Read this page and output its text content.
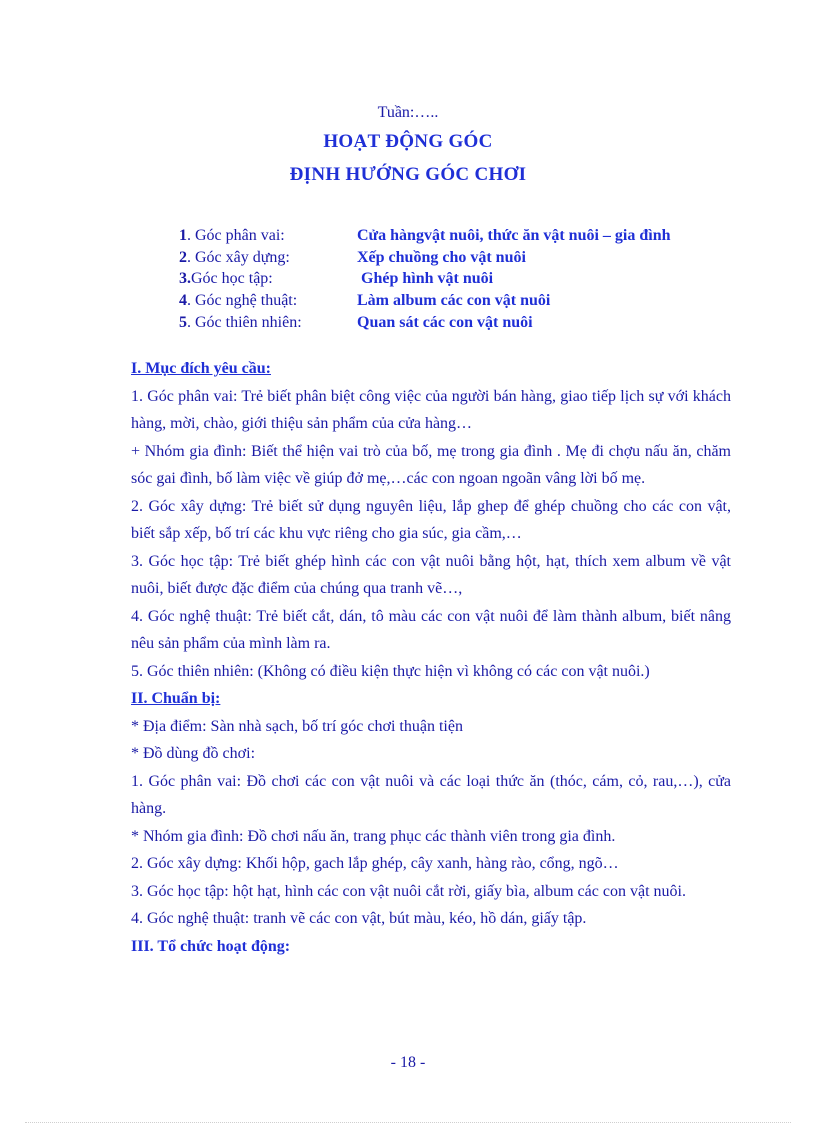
Tuần:…..
HOẠT ĐỘNG GÓC
ĐỊNH HƯỚNG GÓC CHƠI
1. Góc phân vai:	Cửa hàngvật nuôi, thức ăn vật nuôi – gia đình
2. Góc xây dựng:	Xếp chuồng cho vật nuôi
3.Góc học tập:	Ghép hình vật nuôi
4. Góc nghệ thuật:	Làm album các con vật nuôi
5. Góc thiên nhiên:	Quan sát các con vật nuôi

I. Mục đích yêu cầu:

1. Góc phân vai: Trẻ biết phân biệt công việc của người bán hàng, giao tiếp lịch sự với khách hàng, mời, chào, giới thiệu sản phẩm của cửa hàng…

+ Nhóm gia đình: Biết thể hiện vai trò của bố, mẹ trong gia đình . Mẹ đi chợu nấu ăn, chăm sóc gai đình, bố làm việc về giúp đở mẹ,…các con ngoan ngoãn vâng lời bố mẹ.

2. Góc xây dựng: Trẻ biết sử dụng nguyên liệu, lắp ghep để ghép chuồng cho các con vật, biết sắp xếp, bố trí các khu vực riêng cho gia súc, gia cầm,…

3. Góc học tập: Trẻ biết ghép hình các con vật nuôi bằng hột, hạt, thích xem album về vật nuôi, biết được đặc điểm của chúng qua tranh vẽ…,

4. Góc nghệ thuật: Trẻ biết cắt, dán, tô màu các con vật nuôi để làm thành album, biết nâng nêu sản phẩm của mình làm ra.

5. Góc thiên nhiên: (Không có điều kiện thực hiện vì không có các con vật nuôi.)

II. Chuẩn bị:

* Địa điểm: Sàn nhà sạch, bố trí góc chơi thuận tiện

* Đồ dùng đồ chơi:

1. Góc phân vai: Đồ chơi các con vật nuôi và các loại thức ăn (thóc, cám, cỏ, rau,…), cửa hàng.

* Nhóm gia đình: Đồ chơi nấu ăn, trang phục các thành viên trong gia đình.

2. Góc xây dựng: Khối hộp, gach lắp ghép, cây xanh, hàng rào, cổng, ngõ…

3. Góc học tập: hột hạt, hình các con vật nuôi cắt rời, giấy bìa, album các con vật nuôi.

4. Góc nghệ thuật: tranh vẽ các con vật, bút màu, kéo, hồ dán, giấy tập.

III. Tổ chức hoạt động:

- 18 -
